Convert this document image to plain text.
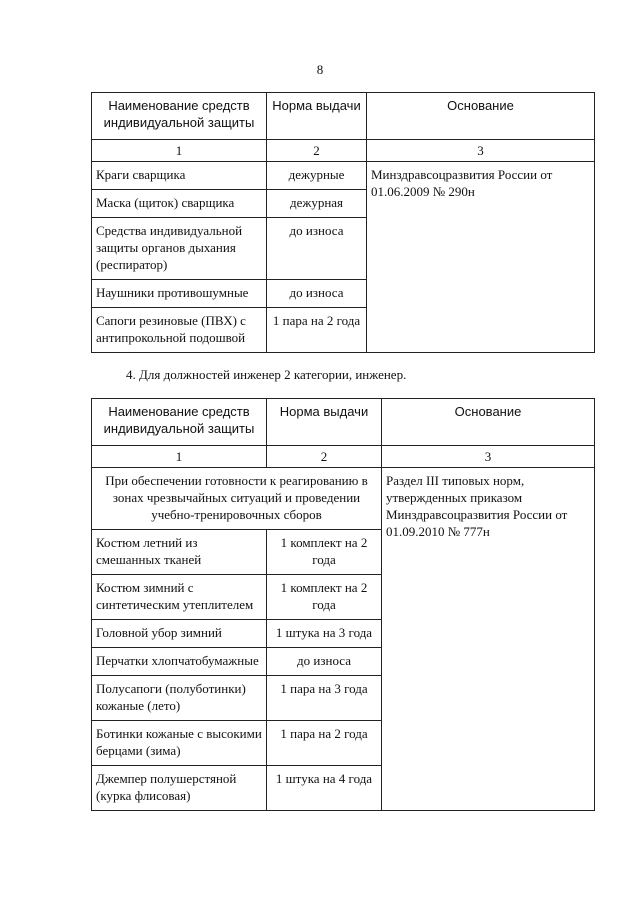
8
Наименование средств индивидуальной защиты	Норма выдачи	Основание
1	2	3
Краги сварщика	дежурные	Минздравсоцразвития России от 01.06.2009 № 290н
Маска (щиток) сварщика	дежурная	
Средства индивидуальной защиты органов дыхания (респиратор)	до износа	
Наушники противошумные	до износа	
Сапоги резиновые (ПВХ) с антипрокольной подошвой	1 пара на 2 года	
4. Для должностей инженер 2 категории, инженер.
Наименование средств индивидуальной защиты	Норма выдачи	Основание
1	2	3
При обеспечении готовности к реагированию в зонах чрезвычайных ситуаций и проведении учебно-тренировочных сборов		Раздел III типовых норм, утвержденных приказом Минздравсоцразвития России от 01.09.2010 № 777н
Костюм летний из смешанных тканей	1 комплект на 2 года	
Костюм зимний с синтетическим утеплителем	1 комплект на 2 года	
Головной убор зимний	1 штука на 3 года	
Перчатки хлопчатобумажные	до износа	
Полусапоги (полуботинки) кожаные (лето)	1 пара на 3 года	
Ботинки кожаные с высокими берцами (зима)	1 пара на 2 года	
Джемпер полушерстяной (курка флисовая)	1 штука на 4 года	
